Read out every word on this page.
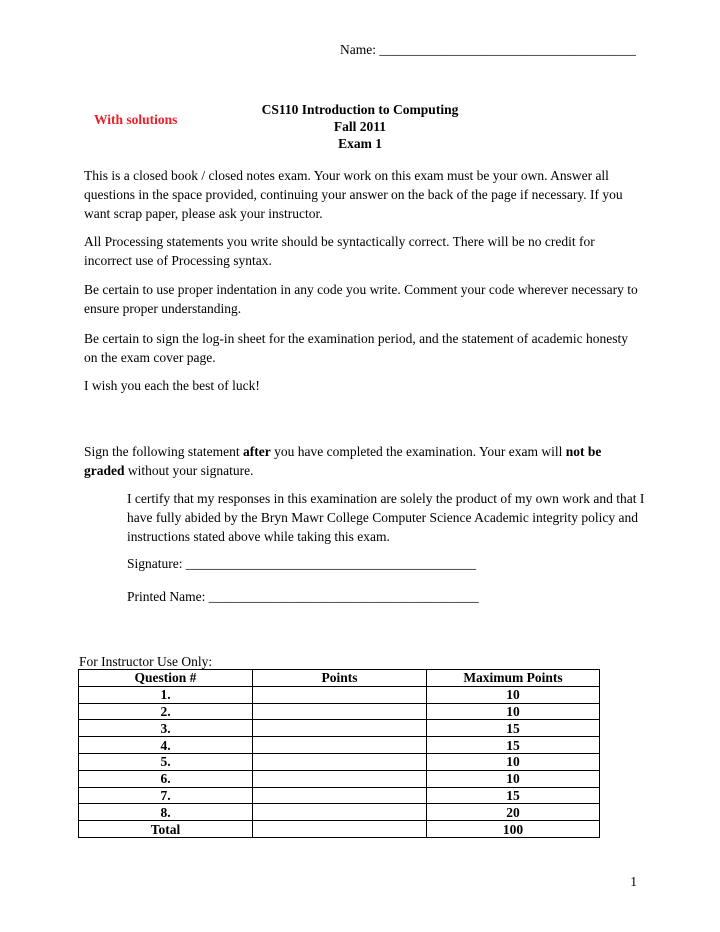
Name: ______________________________________
With solutions
CS110 Introduction to Computing
Fall 2011
Exam 1
This is a closed book / closed notes exam. Your work on this exam must be your own. Answer all questions in the space provided, continuing your answer on the back of the page if necessary. If you want scrap paper, please ask your instructor.
All Processing statements you write should be syntactically correct. There will be no credit for incorrect use of Processing syntax.
Be certain to use proper indentation in any code you write. Comment your code wherever necessary to ensure proper understanding.
Be certain to sign the log-in sheet for the examination period, and the statement of academic honesty on the exam cover page.
I wish you each the best of luck!
Sign the following statement after you have completed the examination. Your exam will not be graded without your signature.
I certify that my responses in this examination are solely the product of my own work and that I have fully abided by the Bryn Mawr College Computer Science Academic integrity policy and instructions stated above while taking this exam.
Signature: ___________________________________________
Printed Name: ________________________________________
For Instructor Use Only:
Question #	Points	Maximum Points
1.		10
2.		10
3.		15
4.		15
5.		10
6.		10
7.		15
8.		20
Total		100
1
